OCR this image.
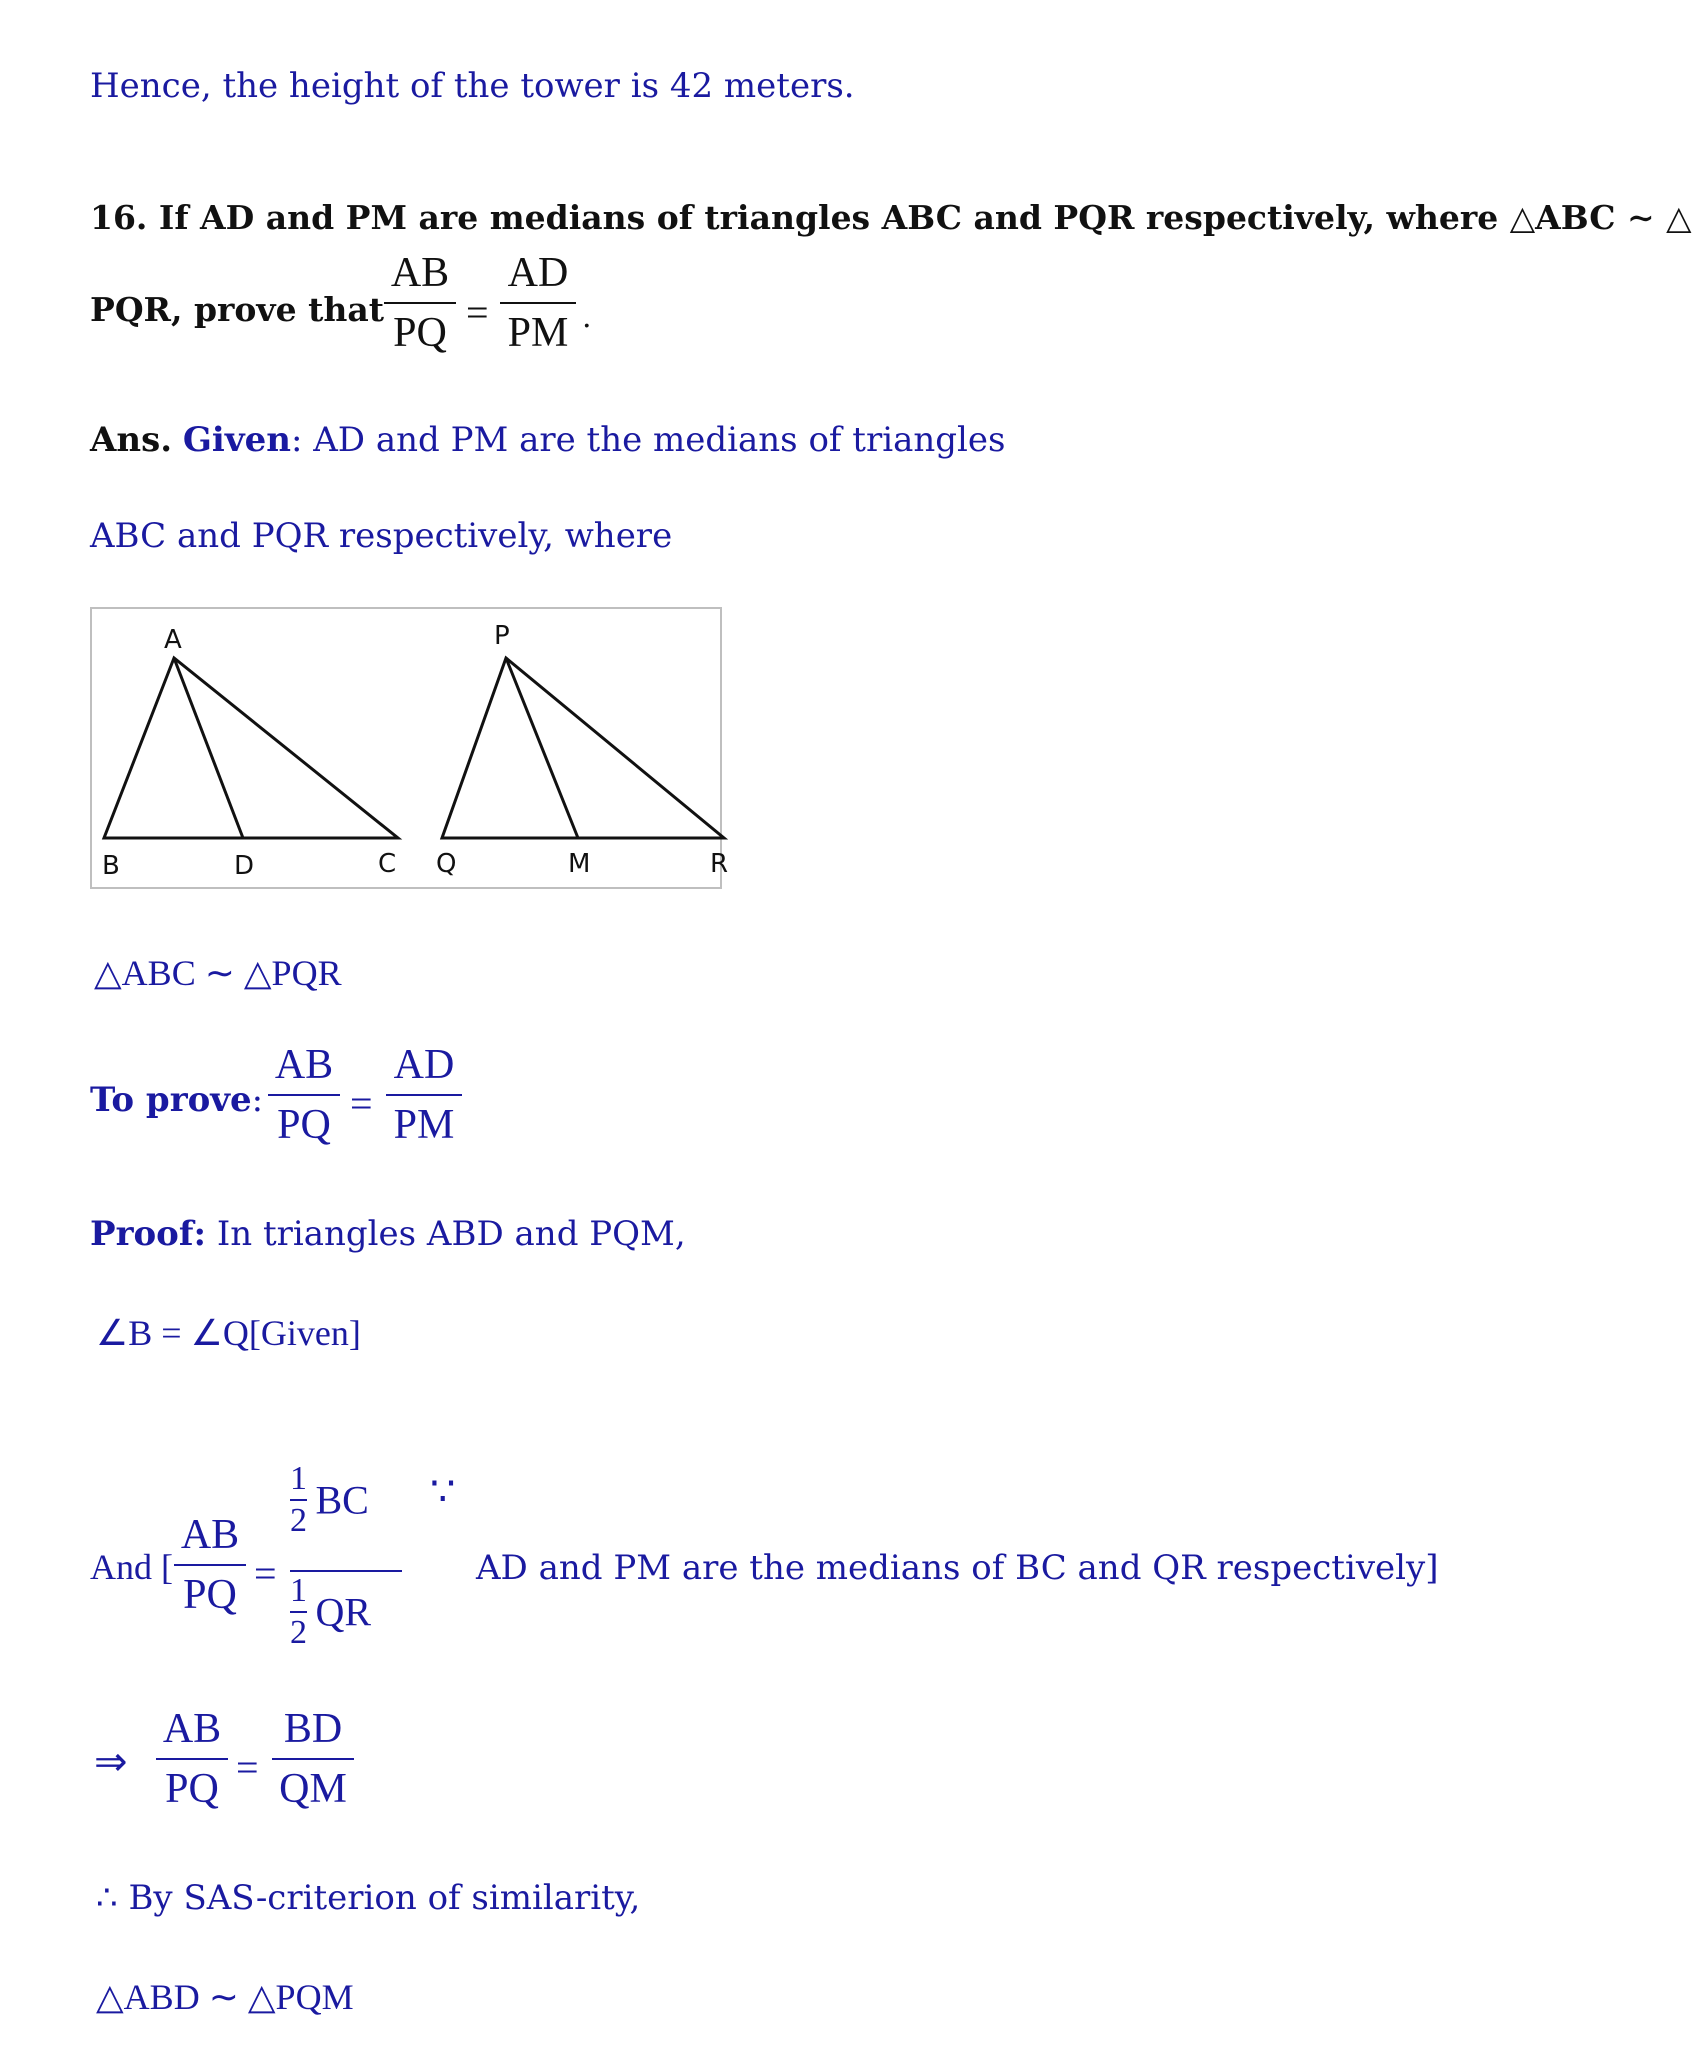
Hence, the height of the tower is 42 meters.
16. If AD and PM are medians of triangles ABC and PQR respectively, where △ABC ∼ △
PQR, prove that
AB
PQ =
AD
PM .
Ans. Given: AD and PM are the medians of triangles
ABC and PQR respectively, where
A
B	D	C
P
Q	M	R
△ABC ∼ △PQR
To prove:
AB
PQ =
AD
PM
Proof: In triangles ABD and PQM,
∠B = ∠Q[Given]
And [
AB
PQ =
$\frac{1}{2}$ BC
$\frac{1}{2}$ QR
∵
AD and PM are the medians of BC and QR respectively]
⇒
AB
PQ =
BD
QM
∴ By SAS-criterion of similarity,
△ABD ∼ △PQM
